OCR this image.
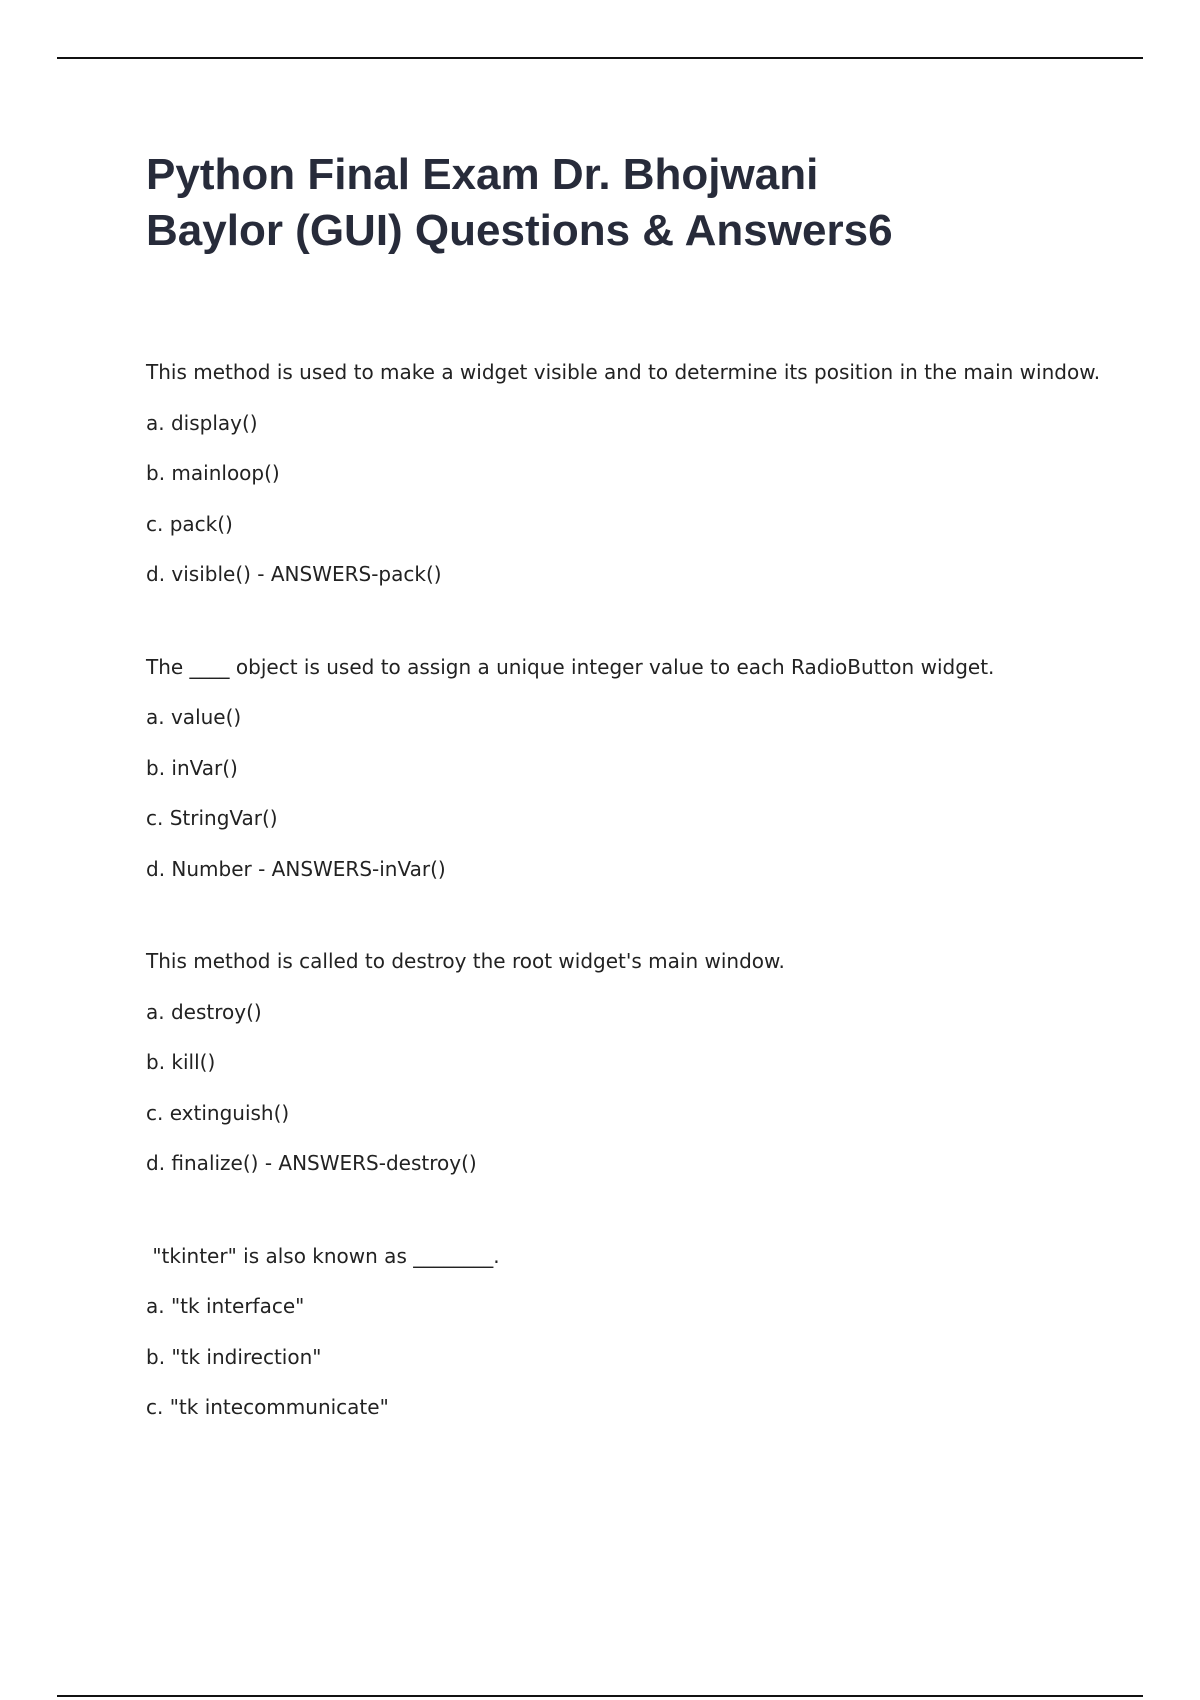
Python Final Exam Dr. Bhojwani
Baylor (GUI) Questions & Answers6

This method is used to make a widget visible and to determine its position in the main window.

a. display()

b. mainloop()

c. pack()

d. visible() - ANSWERS-pack()

The ____ object is used to assign a unique integer value to each RadioButton widget.

a. value()

b. inVar()

c. StringVar()

d. Number - ANSWERS-inVar()

This method is called to destroy the root widget's main window.

a. destroy()

b. kill()

c. extinguish()

d. finalize() - ANSWERS-destroy()

"tkinter" is also known as ________.

a. "tk interface"

b. "tk indirection"

c. "tk intecommunicate"
